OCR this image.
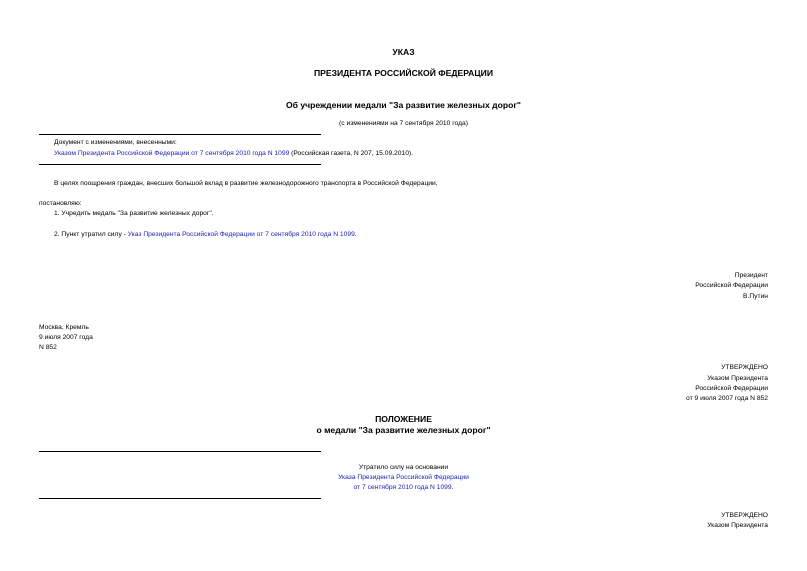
УКАЗ
ПРЕЗИДЕНТА РОССИЙСКОЙ ФЕДЕРАЦИИ
Об учреждении медали "За развитие железных дорог"
(с изменениями на 7 сентября 2010 года)
Документ с изменениями, внесенными:
Указом Президента Российской Федерации от 7 сентября 2010 года N 1099 (Российская газета, N 207, 15.09.2010).
В целях поощрения граждан, внесших большой вклад в развитие железнодорожного транспорта в Российской Федерации,
постановляю:
1. Учредить медаль "За развитие железных дорог".
2. Пункт утратил силу - Указ Президента Российской Федерации от 7 сентября 2010 года N 1099.
Президент
Российской Федерации
В.Путин
Москва, Кремль
9 июля 2007 года
N 852
УТВЕРЖДЕНО
Указом Президента
Российской Федерации
от 9 июля 2007 года N 852
ПОЛОЖЕНИЕ
о медали "За развитие железных дорог"
Утратило силу на основании
Указа Президента Российской Федерации
от 7 сентября 2010 года N 1099.
УТВЕРЖДЕНО
Указом Президента
